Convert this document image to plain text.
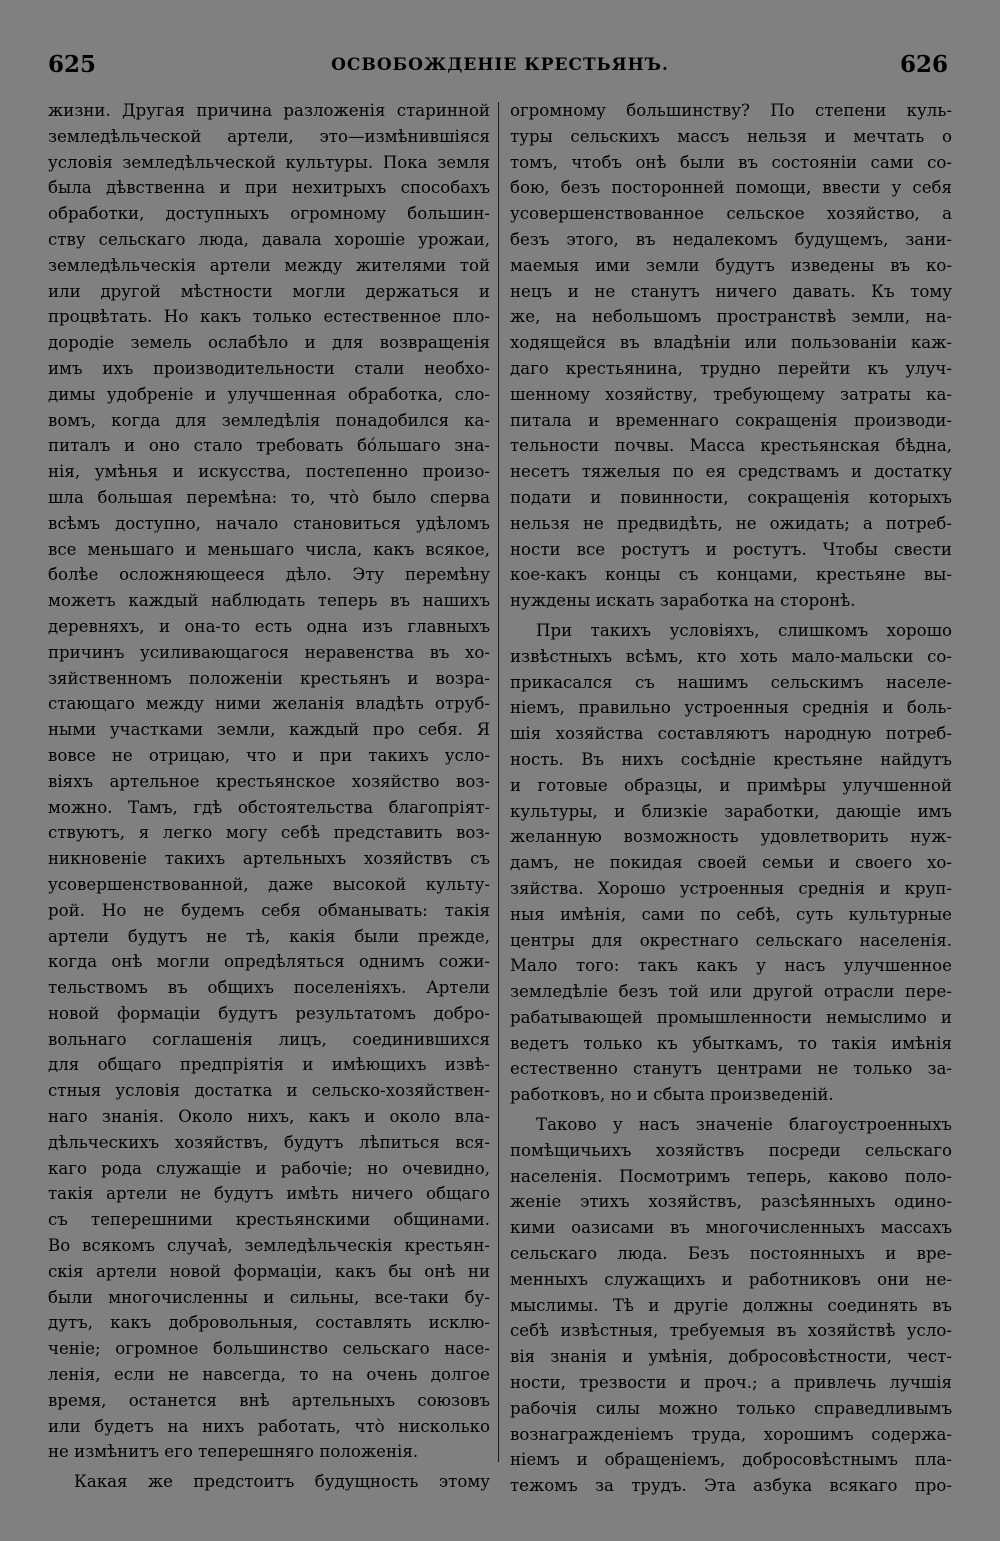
625	ОСВОБОЖДЕНІЕ КРЕСТЬЯНЪ.	626
жизни. Другая причина разложенія старинной
земледѣльческой артели, это—измѣнившіяся
условія земледѣльческой культуры. Пока земля
была дѣвственна и при нехитрыхъ способахъ
обработки, доступныхъ огромному большин-
ству сельскаго люда, давала хорошіе урожаи,
земледѣльческія артели между жителями той
или другой мѣстности могли держаться и
процвѣтать. Но какъ только естественное пло-
дородіе земель ослабѣло и для возвращенія
имъ ихъ производительности стали необхо-
димы удобреніе и улучшенная обработка, сло-
вомъ, когда для земледѣлія понадобился ка-
питалъ и оно стало требовать бо́льшаго зна-
нія, умѣнья и искусства, постепенно произо-
шла большая перемѣна: то, что̀ было сперва
всѣмъ доступно, начало становиться удѣломъ
все меньшаго и меньшаго числа, какъ всякое,
болѣе осложняющееся дѣло. Эту перемѣну
можетъ каждый наблюдать теперь въ нашихъ
деревняхъ, и она-то есть одна изъ главныхъ
причинъ усиливающагося неравенства въ хо-
зяйственномъ положеніи крестьянъ и возра-
стающаго между ними желанія владѣть отруб-
ными участками земли, каждый про себя. Я
вовсе не отрицаю, что и при такихъ усло-
віяхъ артельное крестьянское хозяйство воз-
можно. Тамъ, гдѣ обстоятельства благопріят-
ствуютъ, я легко могу себѣ представить воз-
никновеніе такихъ артельныхъ хозяйствъ съ
усовершенствованной, даже высокой культу-
рой. Но не будемъ себя обманывать: такія
артели будутъ не тѣ, какія были прежде,
когда онѣ могли опредѣляться однимъ сожи-
тельствомъ въ общихъ поселеніяхъ. Артели
новой формаціи будутъ результатомъ добро-
вольнаго соглашенія лицъ, соединившихся
для общаго предпріятія и имѣющихъ извѣ-
стныя условія достатка и сельско-хозяйствен-
наго знанія. Около нихъ, какъ и около вла-
дѣльческихъ хозяйствъ, будутъ лѣпиться вся-
каго рода служащіе и рабочіе; но очевидно,
такія артели не будутъ имѣть ничего общаго
съ теперешними крестьянскими общинами.
Во всякомъ случаѣ, земледѣльческія крестьян-
скія артели новой формаціи, какъ бы онѣ ни
были многочисленны и сильны, все-таки бу-
дутъ, какъ добровольныя, составлять исклю-
ченіе; огромное большинство сельскаго насе-
ленія, если не навсегда, то на очень долгое
время, останется внѣ артельныхъ союзовъ
или будетъ на нихъ работать, что̀ нисколько
не измѣнитъ его теперешняго положенія.
Какая же предстоитъ будущность этому
огромному большинству? По степени куль-
туры сельскихъ массъ нельзя и мечтать о
томъ, чтобъ онѣ были въ состояніи сами со-
бою, безъ посторонней помощи, ввести у себя
усовершенствованное сельское хозяйство, а
безъ этого, въ недалекомъ будущемъ, зани-
маемыя ими земли будутъ изведены въ ко-
нецъ и не станутъ ничего давать. Къ тому
же, на небольшомъ пространствѣ земли, на-
ходящейся въ владѣніи или пользованіи каж-
даго крестьянина, трудно перейти къ улуч-
шенному хозяйству, требующему затраты ка-
питала и временнаго сокращенія производи-
тельности почвы. Масса крестьянская бѣдна,
несетъ тяжелыя по ея средствамъ и достатку
подати и повинности, сокращенія которыхъ
нельзя не предвидѣть, не ожидать; а потреб-
ности все ростутъ и ростутъ. Чтобы свести
кое-какъ концы съ концами, крестьяне вы-
нуждены искать заработка на сторонѣ.
При такихъ условіяхъ, слишкомъ хорошо
извѣстныхъ всѣмъ, кто хоть мало-мальски со-
прикасался съ нашимъ сельскимъ населе-
ніемъ, правильно устроенныя среднія и боль-
шія хозяйства составляютъ народную потреб-
ность. Въ нихъ сосѣдніе крестьяне найдутъ
и готовые образцы, и примѣры улучшенной
культуры, и близкіе заработки, дающіе имъ
желанную возможность удовлетворить нуж-
дамъ, не покидая своей семьи и своего хо-
зяйства. Хорошо устроенныя среднія и круп-
ныя имѣнія, сами по себѣ, суть культурные
центры для окрестнаго сельскаго населенія.
Мало того: такъ какъ у насъ улучшенное
земледѣліе безъ той или другой отрасли пере-
рабатывающей промышленности немыслимо и
ведетъ только къ убыткамъ, то такія имѣнія
естественно станутъ центрами не только за-
работковъ, но и сбыта произведеній.
Таково у насъ значеніе благоустроенныхъ
помѣщичьихъ хозяйствъ посреди сельскаго
населенія. Посмотримъ теперь, каково поло-
женіе этихъ хозяйствъ, разсѣянныхъ одино-
кими оазисами въ многочисленныхъ массахъ
сельскаго люда. Безъ постоянныхъ и вре-
менныхъ служащихъ и работниковъ они не-
мыслимы. Тѣ и другіе должны соединять въ
себѣ извѣстныя, требуемыя въ хозяйствѣ усло-
вія знанія и умѣнія, добросовѣстности, чест-
ности, трезвости и проч.; а привлечь лучшія
рабочія силы можно только справедливымъ
вознагражденіемъ труда, хорошимъ содержа-
ніемъ и обращеніемъ, добросовѣстнымъ пла-
тежомъ за трудъ. Эта азбука всякаго про-
